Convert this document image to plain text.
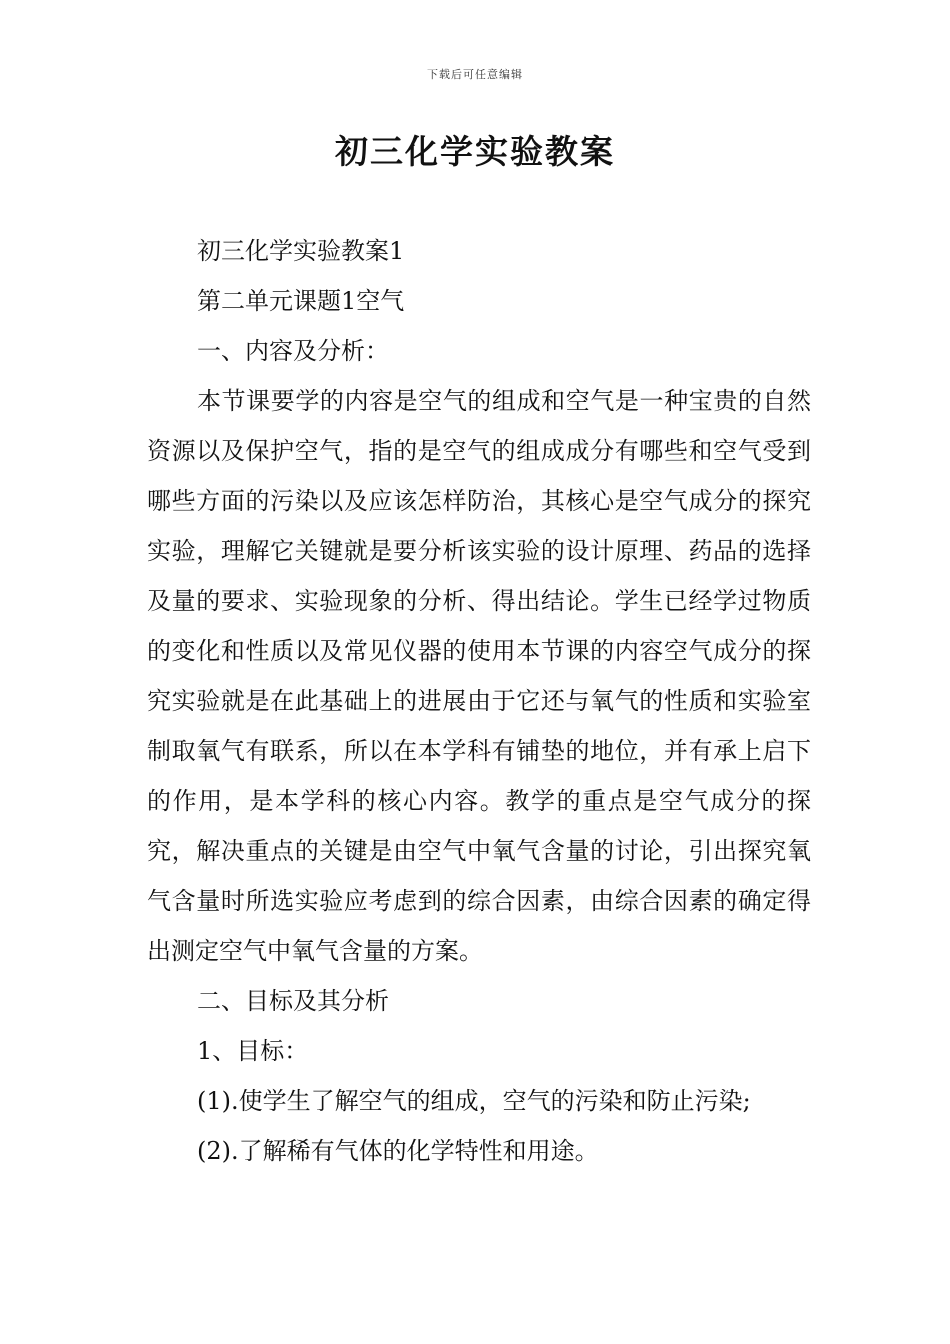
下载后可任意编辑
初三化学实验教案

初三化学实验教案1

第二单元课题1空气

一、内容及分析：

本节课要学的内容是空气的组成和空气是一种宝贵的自然资源以及保护空气，指的是空气的组成成分有哪些和空气受到哪些方面的污染以及应该怎样防治，其核心是空气成分的探究实验，理解它关键就是要分析该实验的设计原理、药品的选择及量的要求、实验现象的分析、得出结论。学生已经学过物质的变化和性质以及常见仪器的使用本节课的内容空气成分的探究实验就是在此基础上的进展由于它还与氧气的性质和实验室制取氧气有联系，所以在本学科有铺垫的地位，并有承上启下的作用，是本学科的核心内容。教学的重点是空气成分的探究，解决重点的关键是由空气中氧气含量的讨论，引出探究氧气含量时所选实验应考虑到的综合因素，由综合因素的确定得出测定空气中氧气含量的方案。

二、目标及其分析

1、目标：

(1).使学生了解空气的组成，空气的污染和防止污染;

(2).了解稀有气体的化学特性和用途。
